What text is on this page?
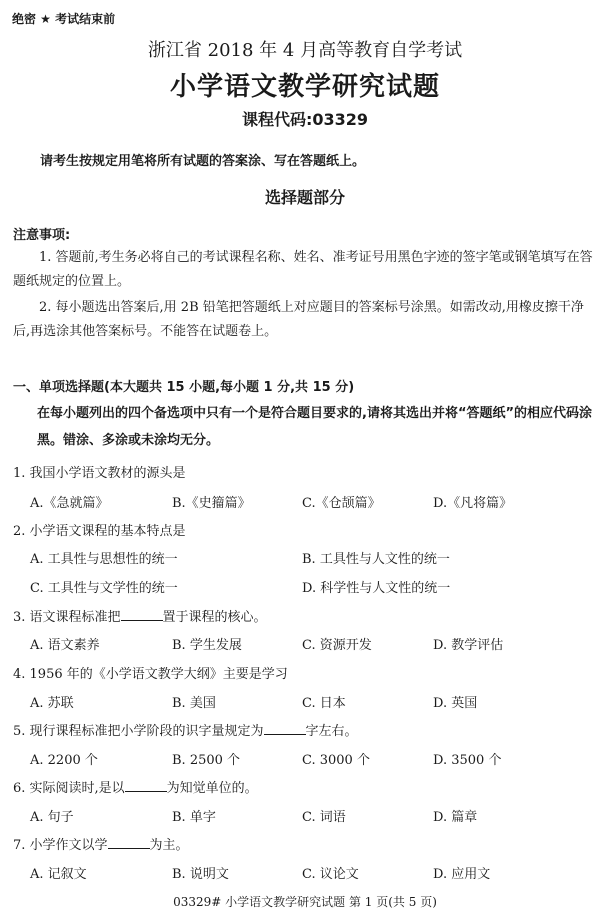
绝密 ★ 考试结束前
浙江省 2018 年 4 月高等教育自学考试
小学语文教学研究试题
课程代码:03329
请考生按规定用笔将所有试题的答案涂、写在答题纸上。
选择题部分
注意事项:
1. 答题前,考生务必将自己的考试课程名称、姓名、准考证号用黑色字迹的签字笔或钢笔填写在答题纸规定的位置上。
2. 每小题选出答案后,用 2B 铅笔把答题纸上对应题目的答案标号涂黑。如需改动,用橡皮擦干净后,再选涂其他答案标号。不能答在试题卷上。
一、单项选择题(本大题共 15 小题,每小题 1 分,共 15 分)
在每小题列出的四个备选项中只有一个是符合题目要求的,请将其选出并将“答题纸”的相应代码涂黑。错涂、多涂或未涂均无分。
1. 我国小学语文教材的源头是
A.《急就篇》	B.《史籀篇》	C.《仓颉篇》	D.《凡将篇》
2. 小学语文课程的基本特点是
A. 工具性与思想性的统一	B. 工具性与人文性的统一
C. 工具性与文学性的统一	D. 科学性与人文性的统一
3. 语文课程标准把	置于课程的核心。
A. 语文素养	B. 学生发展	C. 资源开发	D. 教学评估
4. 1956 年的《小学语文教学大纲》主要是学习
A. 苏联	B. 美国	C. 日本	D. 英国
5. 现行课程标准把小学阶段的识字量规定为	字左右。
A. 2200 个	B. 2500 个	C. 3000 个	D. 3500 个
6. 实际阅读时,是以	为知觉单位的。
A. 句子	B. 单字	C. 词语	D. 篇章
7. 小学作文以学	为主。
A. 记叙文	B. 说明文	C. 议论文	D. 应用文
03329# 小学语文教学研究试题 第 1 页(共 5 页)
